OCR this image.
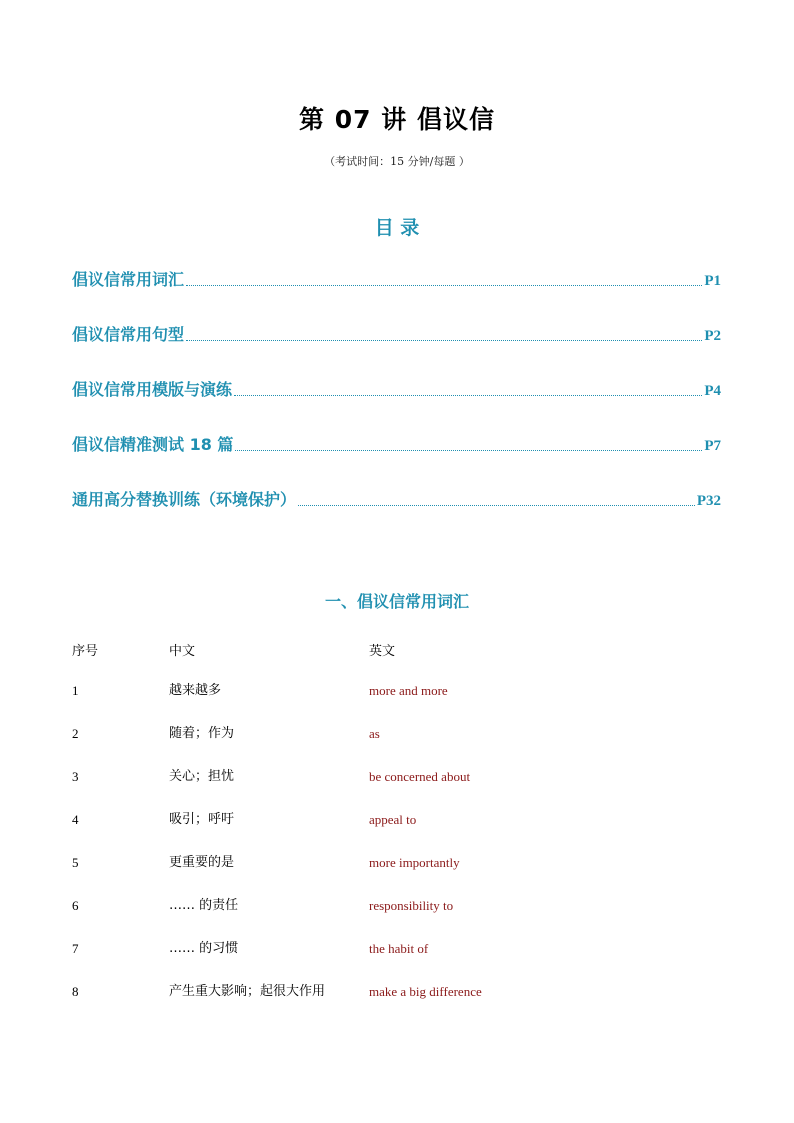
第 07 讲 倡议信
（考试时间：15 分钟/每题 ）
目 录
倡议信常用词汇	P1
倡议信常用句型	P2
倡议信常用模版与演练	P4
倡议信精准测试 18 篇	P7
通用高分替换训练（环境保护）	P32
一、倡议信常用词汇
序号	中文	英文
1	越来越多	more and more
2	随着；作为	as
3	关心；担忧	be concerned about
4	吸引；呼吁	appeal to
5	更重要的是	more importantly
6	…… 的责任	responsibility to
7	…… 的习惯	the habit of
8	产生重大影响；起很大作用	make a big difference
